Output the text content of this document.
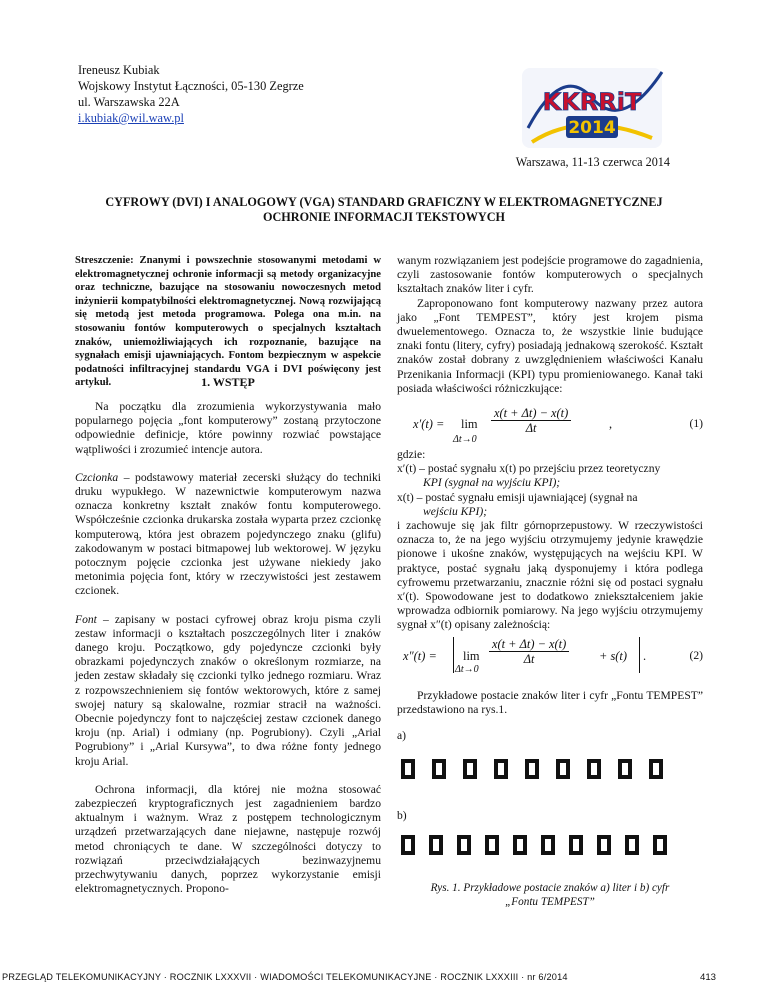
Ireneusz Kubiak
Wojskowy Instytut Łączności, 05-130 Zegrze
ul. Warszawska 22A
i.kubiak@wil.waw.pl
KKRRiT
2014
Warszawa, 11-13 czerwca 2014
CYFROWY (DVI) I ANALOGOWY (VGA) STANDARD GRAFICZNY W ELEKTROMAGNETYCZNEJ
OCHRONIE INFORMACJI TEKSTOWYCH
Streszczenie: Znanymi i powszechnie stosowanymi metodami w elektromagnetycznej ochronie informacji są metody organizacyjne oraz techniczne, bazujące na stosowaniu nowoczesnych metod inżynierii kompatybilności elektromagnetycznej. Nową rozwijającą się metodą jest metoda programowa. Polega ona m.in. na stosowaniu fontów komputerowych o specjalnych kształtach znaków, uniemożliwiających ich rozpoznanie, bazujące na sygnałach emisji ujawniających. Fontom bezpiecznym w aspekcie podatności infiltracyjnej standardu VGA i DVI poświęcony jest artykuł.	1. WSTĘP

Na początku dla zrozumienia wykorzystywania mało popularnego pojęcia „font komputerowy” zostaną przytoczone odpowiednie definicje, które powinny rozwiać powstające wątpliwości i zrozumieć intencje autora.

Czcionka – podstawowy materiał zecerski służący do techniki druku wypukłego. W nazewnictwie komputerowym nazwa oznacza konkretny kształt znaków fontu komputerowego. Współcześnie czcionka drukarska została wyparta przez czcionkę komputerową, która jest obrazem pojedynczego znaku (glifu) zakodowanym w postaci bitmapowej lub wektorowej. W języku potocznym pojęcie czcionka jest używane niekiedy jako metonimia pojęcia font, który w rzeczywistości jest zestawem czcionek.

Font – zapisany w postaci cyfrowej obraz kroju pisma czyli zestaw informacji o kształtach poszczególnych liter i znaków danego kroju. Początkowo, gdy pojedyncze czcionki były obrazkami pojedynczych znaków o określonym rozmiarze, na jeden zestaw składały się czcionki tylko jednego rozmiaru. Wraz z rozpowszechnieniem się fontów wektorowych, które z samej swojej natury są skalowalne, rozmiar stracił na ważności. Obecnie pojedynczy font to najczęściej zestaw czcionek danego kroju (np. Arial) i odmiany (np. Pogrubiony). Czyli „Arial Pogrubiony” i „Arial Kursywa”, to dwa różne fonty jednego kroju Arial.

Ochrona informacji, dla której nie można stosować zabezpieczeń kryptograficznych jest zagadnieniem bardzo aktualnym i ważnym. Wraz z postępem technologicznym urządzeń przetwarzających dane niejawne, następuje rozwój metod chroniących te dane. W szczególności dotyczy to rozwiązań przeciwdziałających bezinwazyjnemu przechwytywaniu danych, poprzez wykorzystanie emisji elektromagnetycznych. Propono-

wanym rozwiązaniem jest podejście programowe do zagadnienia, czyli zastosowanie fontów komputerowych o specjalnych kształtach znaków liter i cyfr.

Zaproponowano font komputerowy nazwany przez autora jako „Font TEMPEST”, który jest krojem pisma dwuelementowego. Oznacza to, że wszystkie linie budujące znaki fontu (litery, cyfry) posiadają jednakową szerokość. Kształt znaków został dobrany z uwzględnieniem właściwości Kanału Przenikania Informacji (KPI) typu promieniowanego. Kanał taki posiada właściwości różniczkujące:

x′(t) = lim
Δt→0
$\frac{x(t + \Delta t) - x(t)}{\Delta t}$	,	(1)

gdzie:

x′(t) – postać sygnału x(t) po przejściu przez teoretyczny
KPI (sygnał na wyjściu KPI);

x(t) – postać sygnału emisji ujawniającej (sygnał na
wejściu KPI);

i zachowuje się jak filtr górnoprzepustowy. W rzeczywistości oznacza to, że na jego wyjściu otrzymujemy jedynie krawędzie pionowe i ukośne znaków, występujących na wejściu KPI. W praktyce, postać sygnału jaką dysponujemy i która podlega cyfrowemu przetwarzaniu, znacznie różni się od postaci sygnału x′(t). Spowodowane jest to dodatkowo zniekształceniem jakie wprowadza odbiornik pomiarowy. Na jego wyjściu otrzymujemy sygnał x″(t) opisany zależnością:

x″(t) = lim
Δt→0
$\frac{x(t + \Delta t) - x(t)}{\Delta t} + s(t)$ .	(2)

Przykładowe postacie znaków liter i cyfr „Fontu TEMPEST” przedstawiono na rys.1.

a)
b)
Rys. 1. Przykładowe postacie znaków a) liter i b) cyfr
„Fontu TEMPEST”
PRZEGLĄD TELEKOMUNIKACYJNY · ROCZNIK LXXXVII · WIADOMOŚCI TELEKOMUNIKACYJNE · ROCZNIK LXXXIII · nr 6/2014	413
